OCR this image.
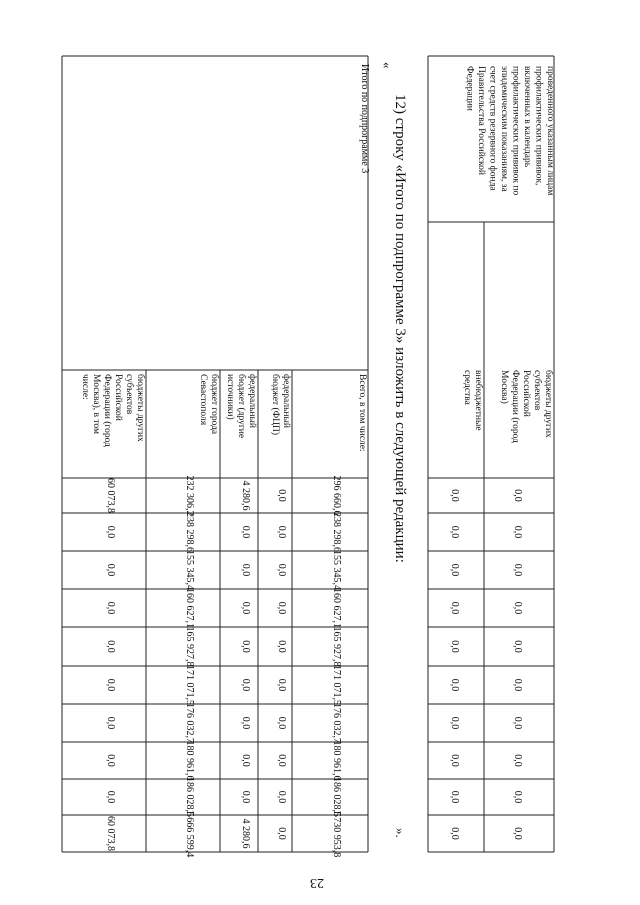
проведенного указанным лицам
профилактических прививок,
включенных в календарь
профилактических прививок по
эпидемическим показаниям, за
счет средств резервного фонда
Правительства Российской
Федерации
бюджеты других
субъектов
Российской
Федерации (город
Москва)
0,0
0,0
0,0
0,0
0,0
0,0
0,0
0,0
0,0
0,0
внебюджетные
средства
0,0
0,0
0,0
0,0
0,0
0,0
0,0
0,0
0,0
0,0
12) строку «Итого по подпрограмме 3» изложить в следующей редакции:
«
».
Итого по подпрограмме 3
Всего, в том числе:
296 660,6
238 298,6
155 345,4
160 627,1
165 927,8
171 071,5
176 032,7
180 961,6
186 028,5
1 730 953,8
федеральный
бюджет (ФЦП)
0,0
0,0
0,0
0,0
0,0
0,0
0,0
0,0
0,0
0,0
федеральный
бюджет (другие
источники)
4 280,6
0,0
0,0
0,0
0,0
0,0
0,0
0,0
0,0
4 280,6
бюджет города
Севастополя
232 306,2
238 298,6
155 345,4
160 627,1
165 927,8
171 071,5
176 032,7
180 961,6
186 028,5
1 666 599,4
бюджеты других
субъектов
Российской
Федерации (город
Москва), в том
числе:
60 073,8
0,0
0,0
0,0
0,0
0,0
0,0
0,0
0,0
60 073,8
23
